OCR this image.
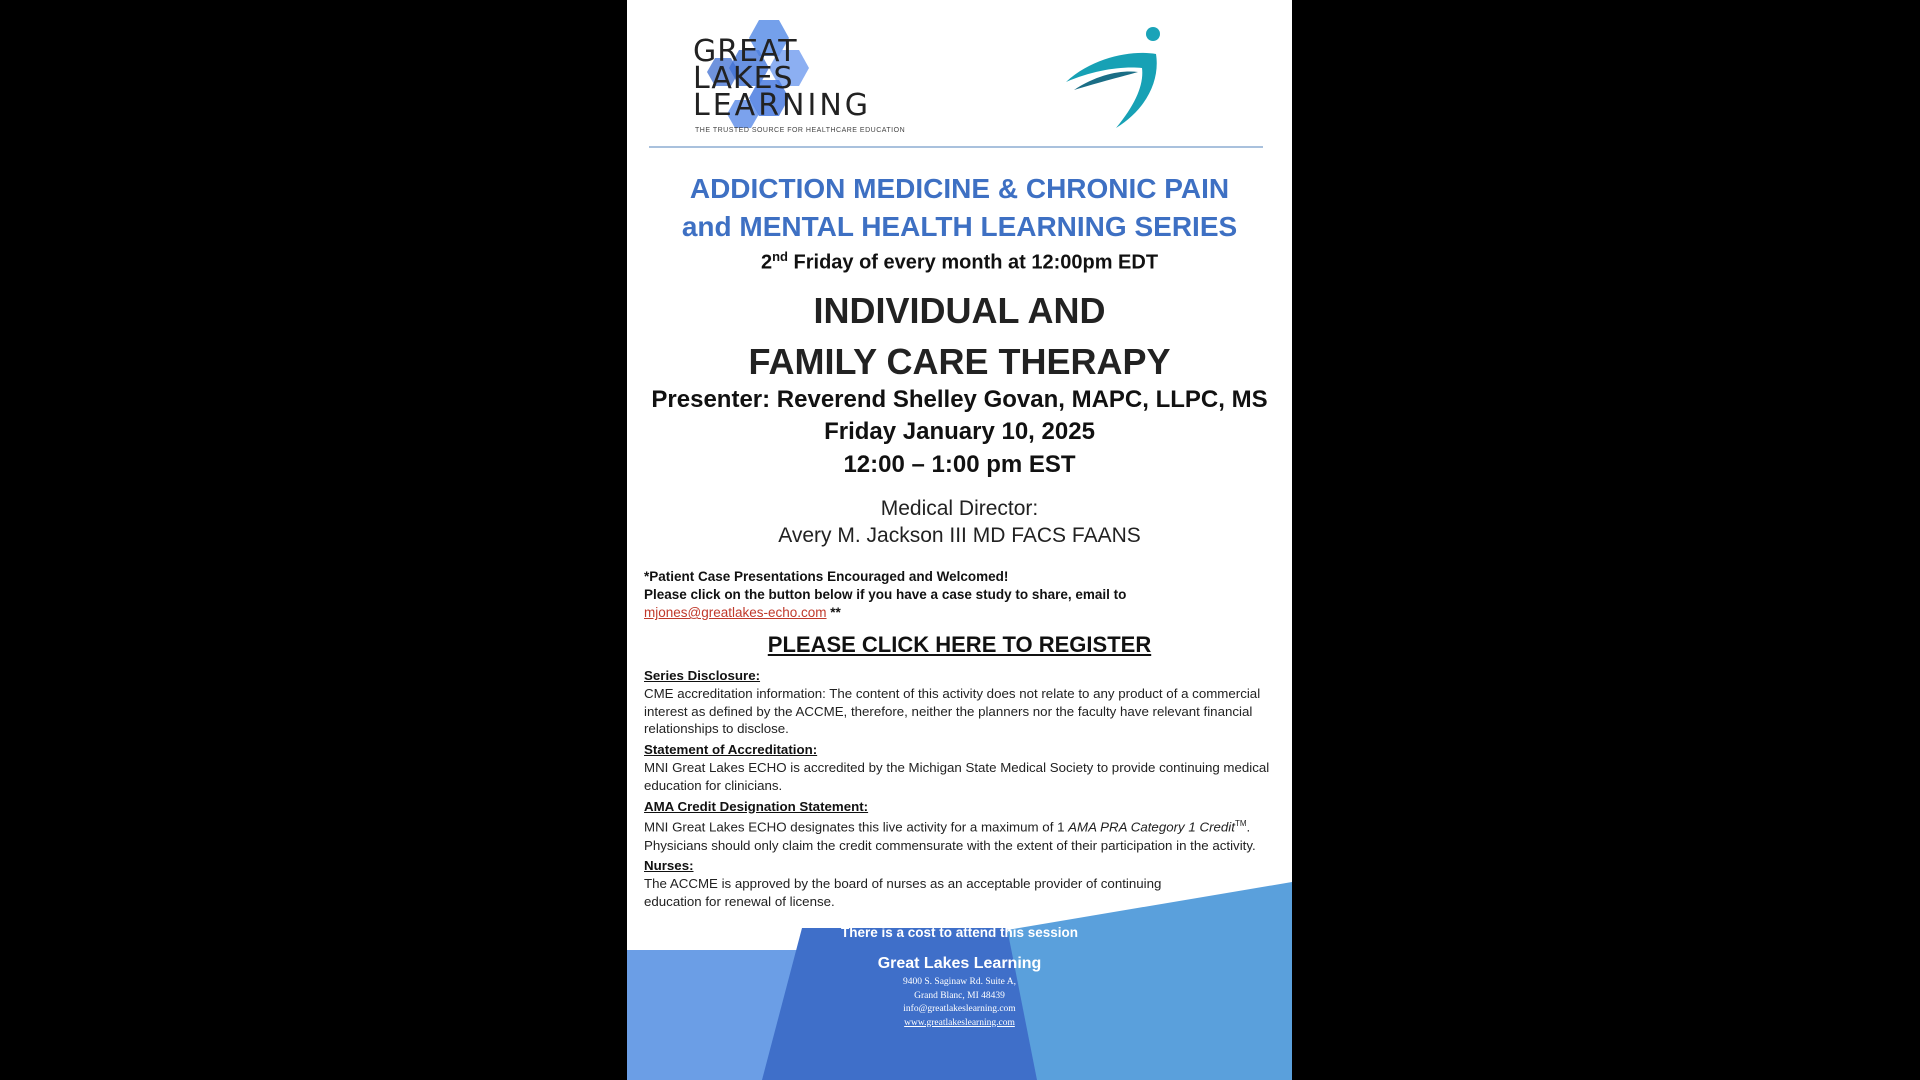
GREAT
LAKES
LEARNING
THE TRUSTED SOURCE FOR HEALTHCARE EDUCATION
ADDICTION MEDICINE & CHRONIC PAIN
and MENTAL HEALTH LEARNING SERIES
2nd Friday of every month at 12:00pm EDT
INDIVIDUAL AND
FAMILY CARE THERAPY
Presenter: Reverend Shelley Govan, MAPC, LLPC, MS
Friday January 10, 2025
12:00 – 1:00 pm EST
Medical Director:
Avery M. Jackson III MD FACS FAANS
*Patient Case Presentations Encouraged and Welcomed!
Please click on the button below if you have a case study to share, email to
mjones@greatlakes-echo.com **
PLEASE CLICK HERE TO REGISTER
Series Disclosure:

CME accreditation information: The content of this activity does not relate to any product of a commercial interest as defined by the ACCME, therefore, neither the planners nor the faculty have relevant financial relationships to disclose.

Statement of Accreditation:

MNI Great Lakes ECHO is accredited by the Michigan State Medical Society to provide continuing medical education for clinicians.

AMA Credit Designation Statement:

MNI Great Lakes ECHO designates this live activity for a maximum of 1 AMA PRA Category 1 Credit™. Physicians should only claim the credit commensurate with the extent of their participation in the activity.

Nurses:

The ACCME is approved by the board of nurses as an acceptable provider of continuing education for renewal of license.

There is a cost to attend this session
Great Lakes Learning
9400 S. Saginaw Rd. Suite A,
Grand Blanc, MI 48439
info@greatlakeslearning.com
www.greatlakeslearning.com
